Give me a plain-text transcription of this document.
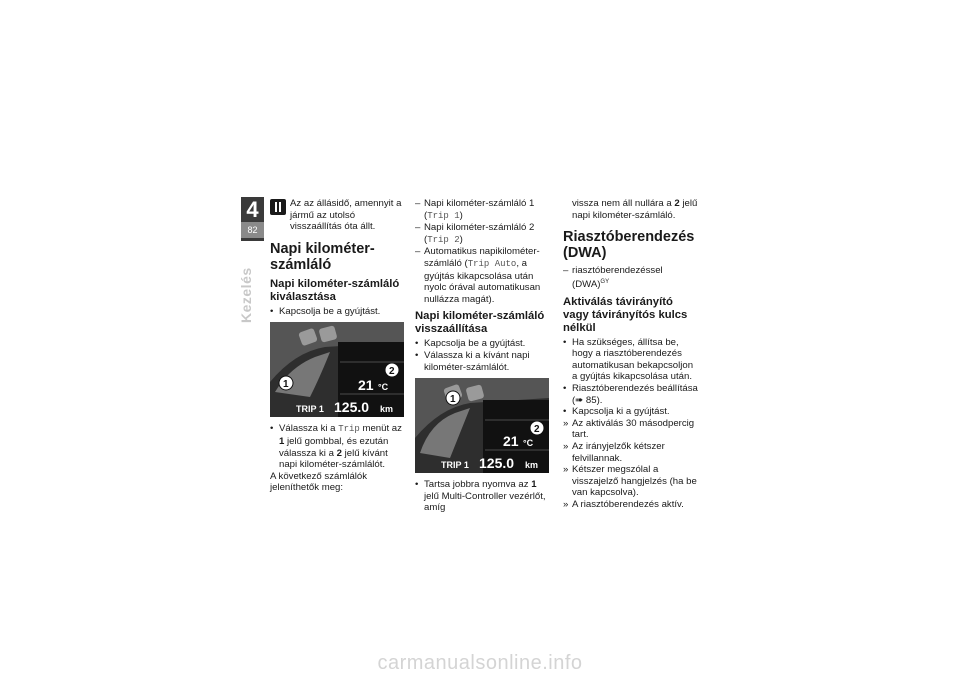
4
82
Kezelés

Az az állásidő, amennyit a jármű az utolsó visszaállítás óta állt.

Napi kilométer-számláló
Napi kilométer-számláló kiválasztása
• Kapcsolja be a gyújtást.
21 °C
TRIP 1 125.0 km
1
2
• Válassza ki a Trip menüt az 1 jelű gombbal, és ezután válassza ki a 2 jelű kívánt napi kilométer-számlálót.

A következő számlálók jeleníthetők meg:

– Napi kilométer-számláló 1
(Trip 1)
– Napi kilométer-számláló 2
(Trip 2)
– Automatikus napikilométer-számláló (Trip Auto, a gyújtás kikapcsolása után nyolc órával automatikusan nullázza magát).
Napi kilométer-számláló visszaállítása
• Kapcsolja be a gyújtást.
• Válassza ki a kívánt napi kilométer-számlálót.
21 °C
TRIP 1 125.0 km
1
2
• Tartsa jobbra nyomva az 1 jelű Multi-Controller vezérlőt, amíg

vissza nem áll nullára a 2 jelű napi kilométer-számláló.

Riasztóberendezés (DWA)
– riasztóberendezéssel (DWA)$^{GY}$
Aktiválás távirányító vagy távirányítós kulcs nélkül
• Ha szükséges, állítsa be, hogy a riasztóberendezés automatikusan bekapcsoljon a gyújtás kikapcsolása után.
• Riasztóberendezés beállítása
(➠ 85).
• Kapcsolja ki a gyújtást.
» Az aktiválás 30 másodpercig tart.
» Az irányjelzők kétszer felvillannak.
» Kétszer megszólal a visszajelző hangjelzés (ha be van kapcsolva).
» A riasztóberendezés aktív.
carmanualsonline.info
